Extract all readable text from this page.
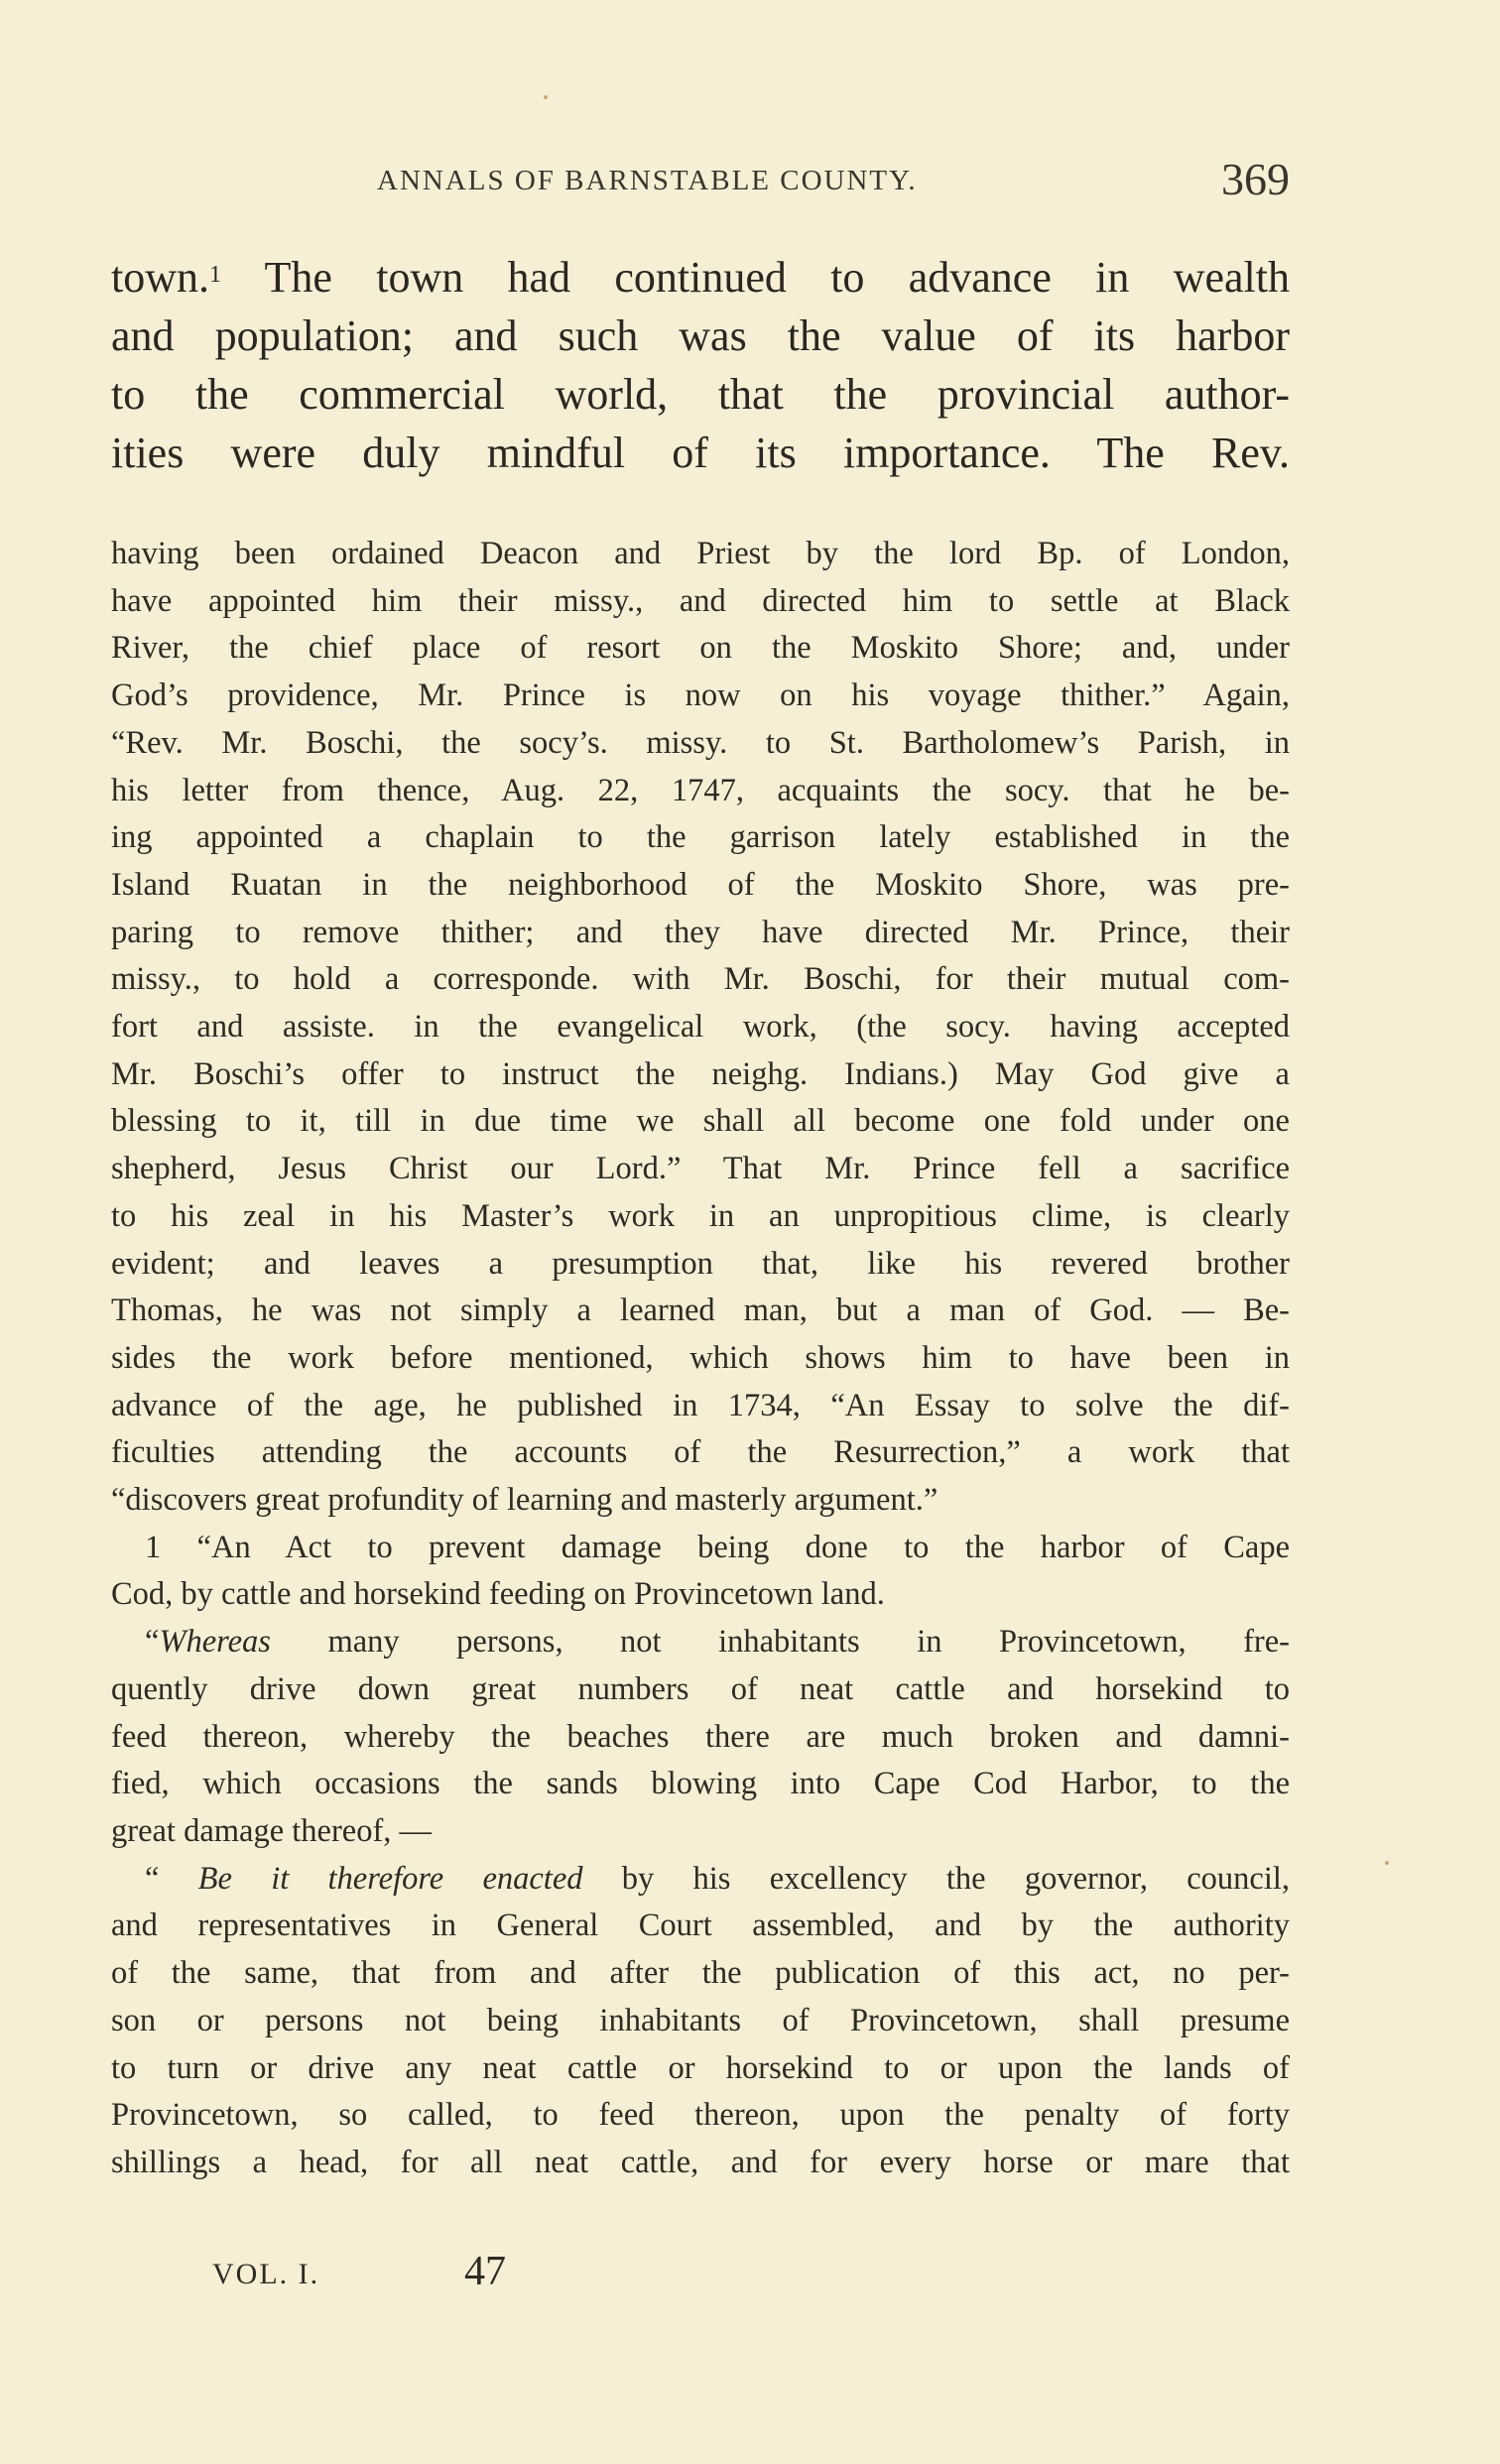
ANNALS OF BARNSTABLE COUNTY.	369
town.$^1$ The town had continued to advance in wealth
and population; and such was the value of its harbor
to the commercial world, that the provincial author-
ities were duly mindful of its importance. The Rev.
having been ordained Deacon and Priest by the lord Bp. of London,
have appointed him their missy., and directed him to settle at Black
River, the chief place of resort on the Moskito Shore; and, under
God’s providence, Mr. Prince is now on his voyage thither.” Again,
“Rev. Mr. Boschi, the socy’s. missy. to St. Bartholomew’s Parish, in
his letter from thence, Aug. 22, 1747, acquaints the socy. that he be-
ing appointed a chaplain to the garrison lately established in the
Island Ruatan in the neighborhood of the Moskito Shore, was pre-
paring to remove thither; and they have directed Mr. Prince, their
missy., to hold a corresponde. with Mr. Boschi, for their mutual com-
fort and assiste. in the evangelical work, (the socy. having accepted
Mr. Boschi’s offer to instruct the neighg. Indians.) May God give a
blessing to it, till in due time we shall all become one fold under one
shepherd, Jesus Christ our Lord.” That Mr. Prince fell a sacrifice
to his zeal in his Master’s work in an unpropitious clime, is clearly
evident; and leaves a presumption that, like his revered brother
Thomas, he was not simply a learned man, but a man of God. — Be-
sides the work before mentioned, which shows him to have been in
advance of the age, he published in 1734, “An Essay to solve the dif-
ficulties attending the accounts of the Resurrection,” a work that
“discovers great profundity of learning and masterly argument.”
1 “An Act to prevent damage being done to the harbor of Cape
Cod, by cattle and horsekind feeding on Provincetown land.
“Whereas many persons, not inhabitants in Provincetown, fre-
quently drive down great numbers of neat cattle and horsekind to
feed thereon, whereby the beaches there are much broken and damni-
fied, which occasions the sands blowing into Cape Cod Harbor, to the
great damage thereof, —
“ Be it therefore enacted by his excellency the governor, council,
and representatives in General Court assembled, and by the authority
of the same, that from and after the publication of this act, no per-
son or persons not being inhabitants of Provincetown, shall presume
to turn or drive any neat cattle or horsekind to or upon the lands of
Provincetown, so called, to feed thereon, upon the penalty of forty
shillings a head, for all neat cattle, and for every horse or mare that
VOL. I.	47
